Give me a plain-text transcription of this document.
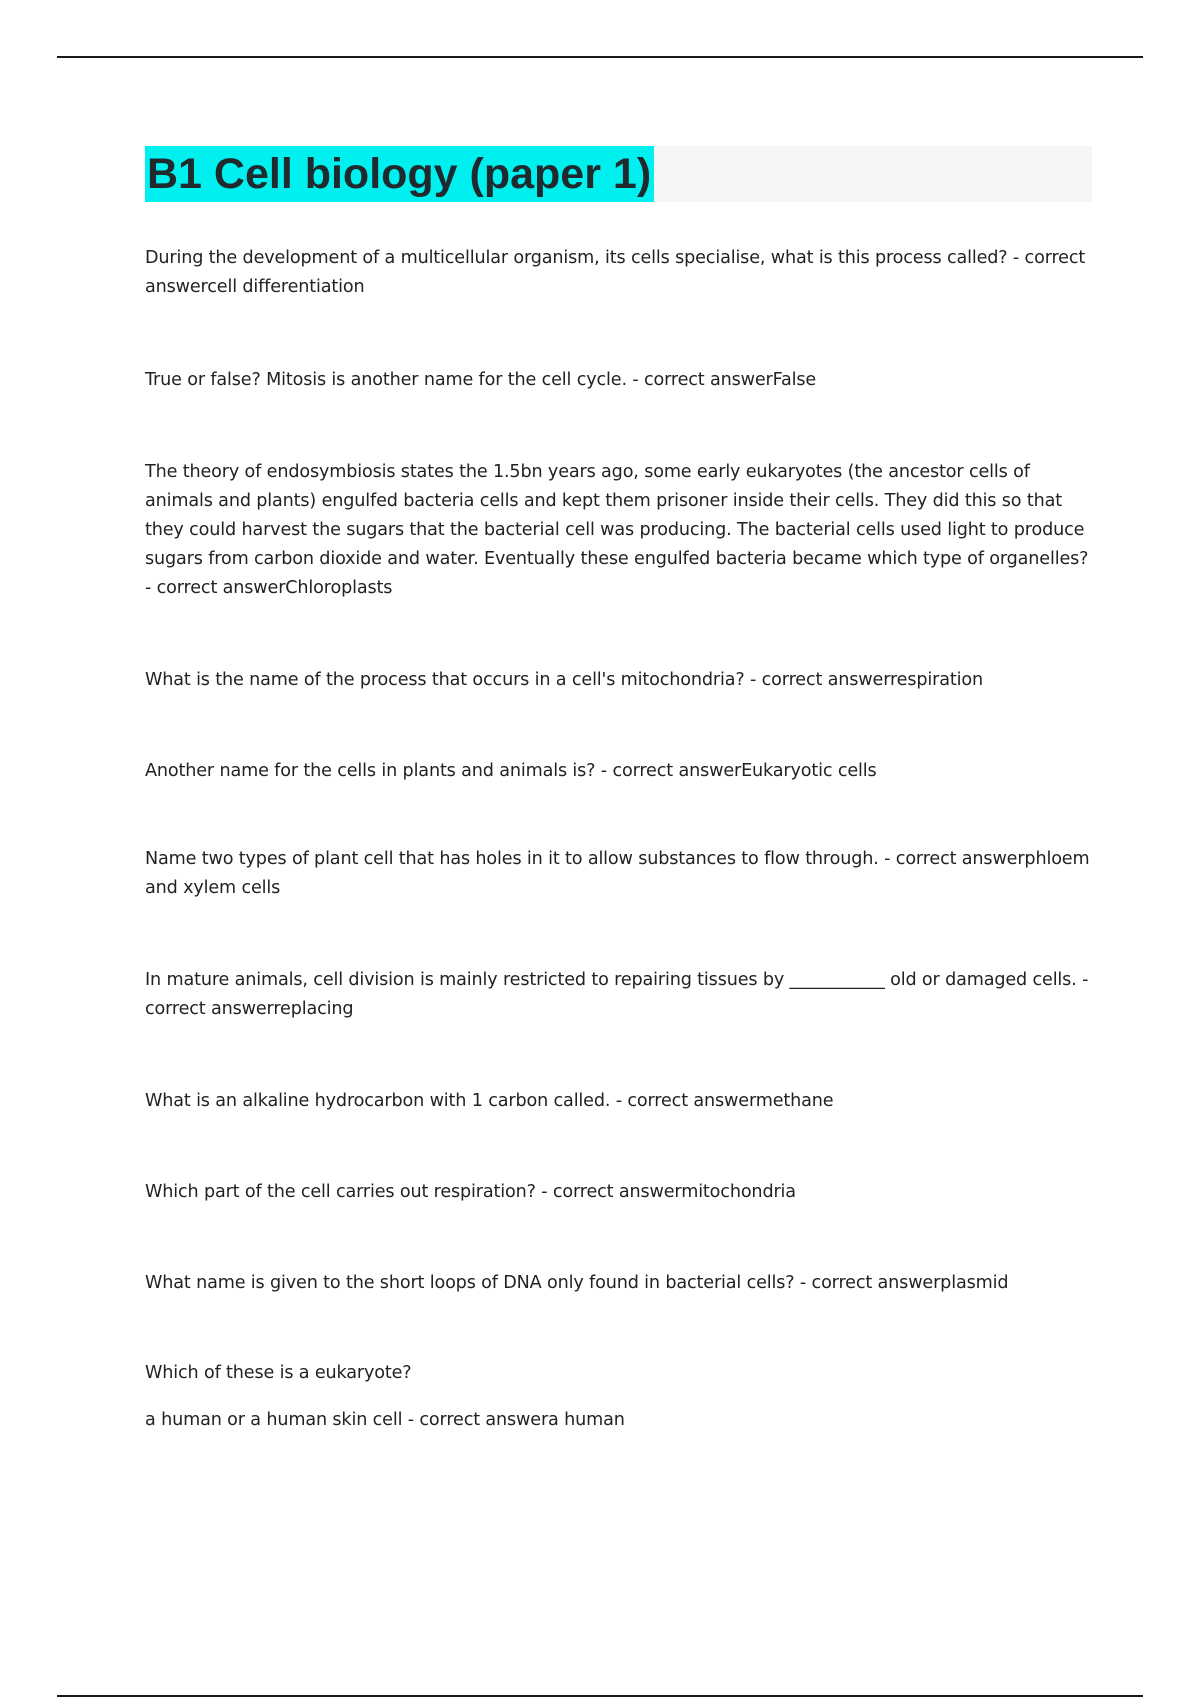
B1 Cell biology (paper 1)

During the development of a multicellular organism, its cells specialise, what is this process called? - correct answercell differentiation

True or false? Mitosis is another name for the cell cycle. - correct answerFalse

The theory of endosymbiosis states the 1.5bn years ago, some early eukaryotes (the ancestor cells of animals and plants) engulfed bacteria cells and kept them prisoner inside their cells. They did this so that they could harvest the sugars that the bacterial cell was producing. The bacterial cells used light to produce sugars from carbon dioxide and water. Eventually these engulfed bacteria became which type of organelles? - correct answerChloroplasts

What is the name of the process that occurs in a cell's mitochondria? - correct answerrespiration

Another name for the cells in plants and animals is? - correct answerEukaryotic cells

Name two types of plant cell that has holes in it to allow substances to flow through. - correct answerphloem and xylem cells

In mature animals, cell division is mainly restricted to repairing tissues by ___________ old or damaged cells. - correct answerreplacing

What is an alkaline hydrocarbon with 1 carbon called. - correct answermethane

Which part of the cell carries out respiration? - correct answermitochondria

What name is given to the short loops of DNA only found in bacterial cells? - correct answerplasmid

Which of these is a eukaryote?

a human or a human skin cell - correct answera human
